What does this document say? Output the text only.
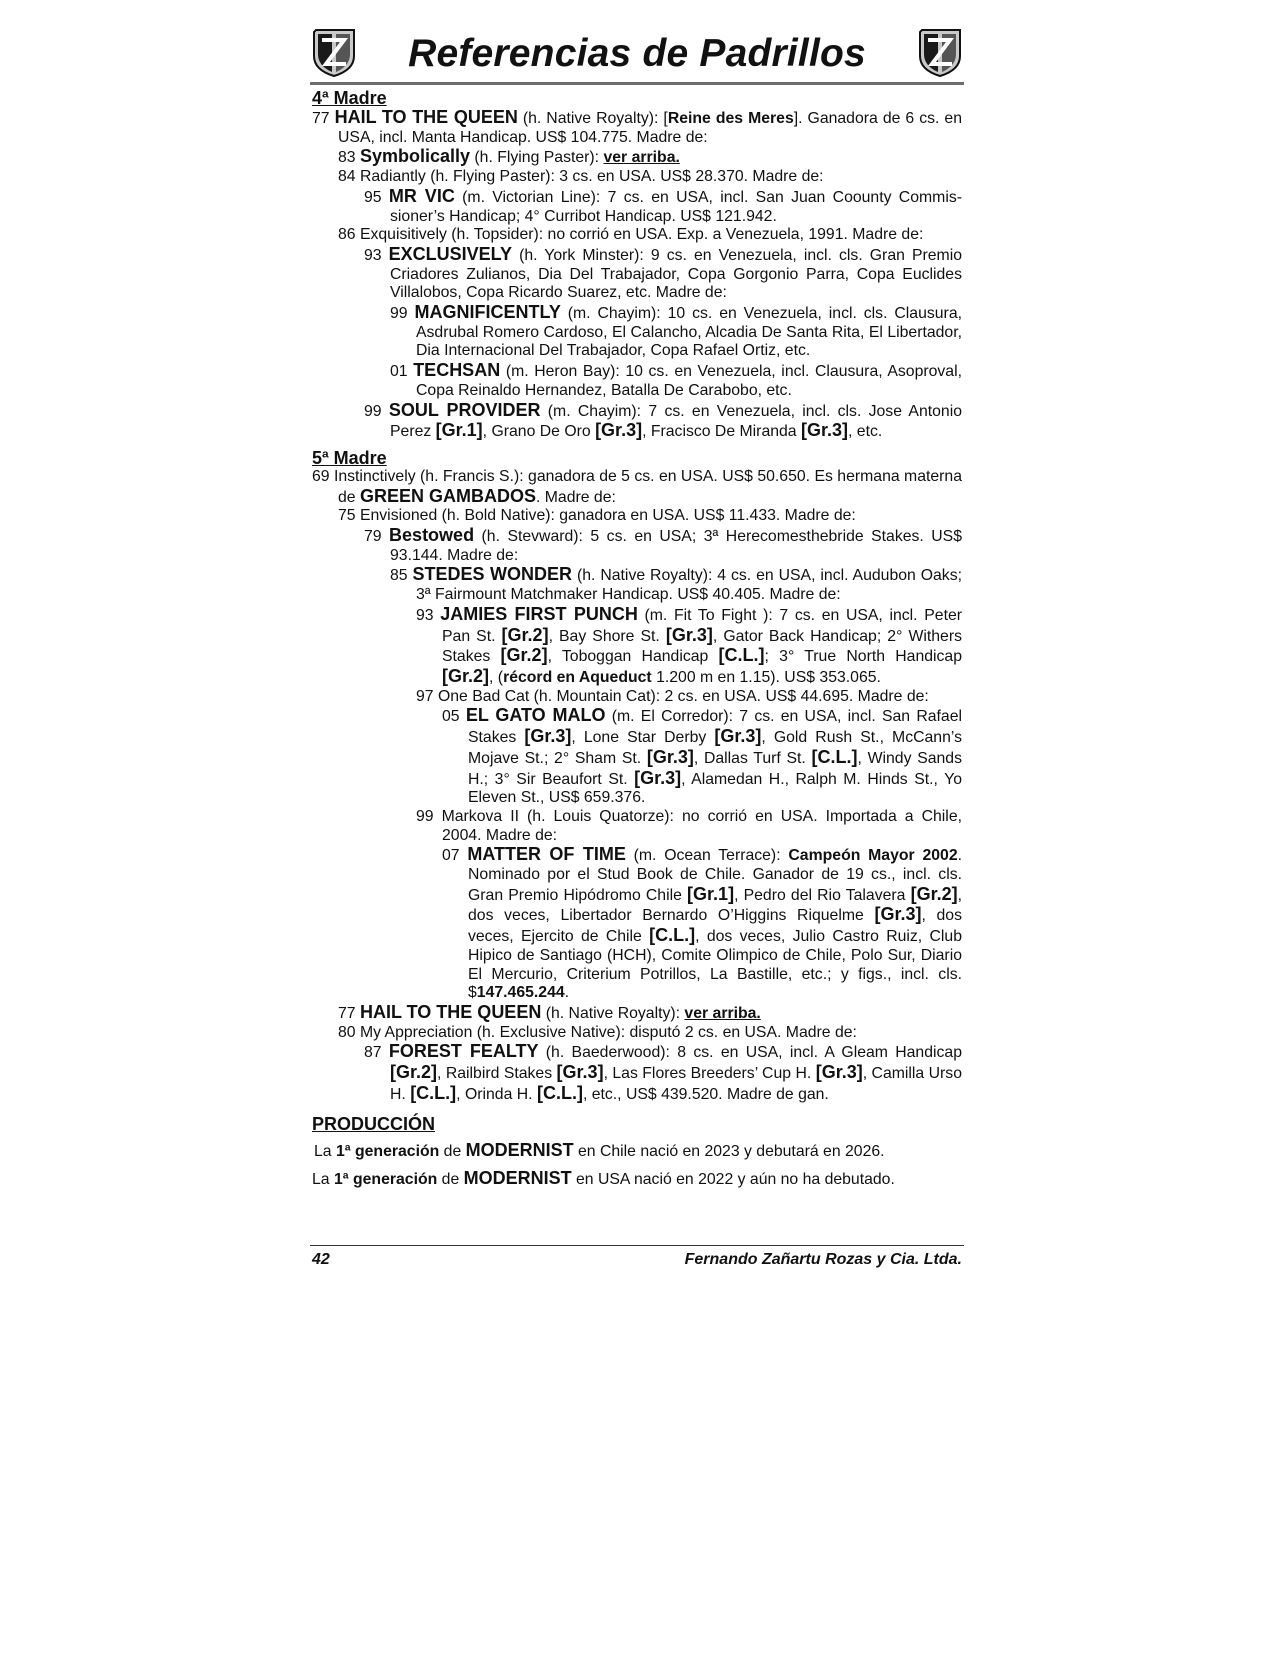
Referencias de Padrillos
4ª Madre
77 HAIL TO THE QUEEN (h. Native Royalty): [Reine des Meres]. Ganadora de 6 cs. en USA, incl. Manta Handicap. US$ 104.775. Madre de:
83 Symbolically (h. Flying Paster): ver arriba.
84 Radiantly (h. Flying Paster): 3 cs. en USA. US$ 28.370. Madre de:
95 MR VIC (m. Victorian Line): 7 cs. en USA, incl. San Juan Coounty Commissioner’s Handicap; 4° Curribot Handicap. US$ 121.942.
86 Exquisitively (h. Topsider): no corrió en USA. Exp. a Venezuela, 1991. Madre de:
93 EXCLUSIVELY (h. York Minster): 9 cs. en Venezuela, incl. cls. Gran Premio Criadores Zulianos, Dia Del Trabajador, Copa Gorgonio Parra, Copa Euclides Villalobos, Copa Ricardo Suarez, etc. Madre de:
99 MAGNIFICENTLY (m. Chayim): 10 cs. en Venezuela, incl. cls. Clausura, Asdrubal Romero Cardoso, El Calancho, Alcadia De Santa Rita, El Libertador, Dia Internacional Del Trabajador, Copa Rafael Ortiz, etc.
01 TECHSAN (m. Heron Bay): 10 cs. en Venezuela, incl. Clausura, Asoproval, Copa Reinaldo Hernandez, Batalla De Carabobo, etc.
99 SOUL PROVIDER (m. Chayim): 7 cs. en Venezuela, incl. cls. Jose Antonio Perez [Gr.1], Grano De Oro [Gr.3], Fracisco De Miranda [Gr.3], etc.
5ª Madre
69 Instinctively (h. Francis S.): ganadora de 5 cs. en USA. US$ 50.650. Es hermana materna de GREEN GAMBADOS. Madre de:
75 Envisioned (h. Bold Native): ganadora en USA. US$ 11.433. Madre de:
79 Bestowed (h. Stevward): 5 cs. en USA; 3ª Herecomesthebride Stakes. US$ 93.144. Madre de:
85 STEDES WONDER (h. Native Royalty): 4 cs. en USA, incl. Audubon Oaks; 3ª Fairmount Matchmaker Handicap. US$ 40.405. Madre de:
93 JAMIES FIRST PUNCH (m. Fit To Fight ): 7 cs. en USA, incl. Peter Pan St. [Gr.2], Bay Shore St. [Gr.3], Gator Back Handicap; 2° Withers Stakes [Gr.2], Toboggan Handicap [C.L.]; 3° True North Handicap [Gr.2], (récord en Aqueduct 1.200 m en 1.15). US$ 353.065.
97 One Bad Cat (h. Mountain Cat): 2 cs. en USA. US$ 44.695. Madre de:
05 EL GATO MALO (m. El Corredor): 7 cs. en USA, incl. San Rafael Stakes [Gr.3], Lone Star Derby [Gr.3], Gold Rush St., McCann’s Mojave St.; 2° Sham St. [Gr.3], Dallas Turf St. [C.L.], Windy Sands H.; 3° Sir Beaufort St. [Gr.3], Alamedan H., Ralph M. Hinds St., Yo Eleven St., US$ 659.376.
99 Markova II (h. Louis Quatorze): no corrió en USA. Importada a Chile, 2004. Madre de:
07 MATTER OF TIME (m. Ocean Terrace): Campeón Mayor 2002. Nominado por el Stud Book de Chile. Ganador de 19 cs., incl. cls. Gran Premio Hipódromo Chile [Gr.1], Pedro del Rio Talavera [Gr.2], dos veces, Libertador Bernardo O’Higgins Riquelme [Gr.3], dos veces, Ejercito de Chile [C.L.], dos veces, Julio Castro Ruiz, Club Hipico de Santiago (HCH), Comite Olimpico de Chile, Polo Sur, Diario El Mercurio, Criterium Potrillos, La Bastille, etc.; y figs., incl. cls. $147.465.244.
77 HAIL TO THE QUEEN (h. Native Royalty): ver arriba.
80 My Appreciation (h. Exclusive Native): disputó 2 cs. en USA. Madre de:
87 FOREST FEALTY (h. Baederwood): 8 cs. en USA, incl. A Gleam Handicap [Gr.2], Railbird Stakes [Gr.3], Las Flores Breeders’ Cup H. [Gr.3], Camilla Urso H. [C.L.], Orinda H. [C.L.], etc., US$ 439.520. Madre de gan.
PRODUCCIÓN
La 1ª generación de MODERNIST en Chile nació en 2023 y debutará en 2026.
La 1ª generación de MODERNIST en USA nació en 2022 y aún no ha debutado.
42	Fernando Zañartu Rozas y Cia. Ltda.
